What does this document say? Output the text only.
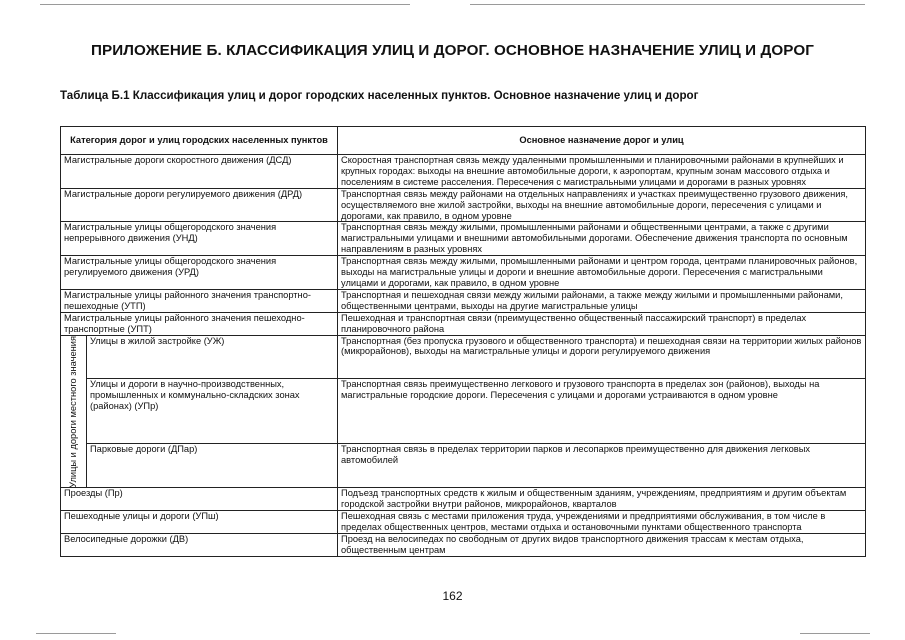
ПРИЛОЖЕНИЕ Б. КЛАССИФИКАЦИЯ УЛИЦ И ДОРОГ. ОСНОВНОЕ НАЗНАЧЕНИЕ УЛИЦ И ДОРОГ
Таблица Б.1 Классификация улиц и дорог городских населенных пунктов. Основное назначение улиц и дорог
Категория дорог и улиц городских населенных пунктов		Основное назначение дорог и улиц
Магистральные дороги скоростного движения (ДСД)		Скоростная транспортная связь между удаленными промышленными и планировочными районами в крупнейших и крупных городах: выходы на внешние автомобильные дороги, к аэропортам, крупным зонам массового отдыха и поселениям в системе расселения. Пересечения с магистральными улицами и дорогами в разных уровнях
Магистральные дороги регулируемого движения (ДРД)		Транспортная связь между районами на отдельных направлениях и участках преимущественно грузового движения, осуществляемого вне жилой застройки, выходы на внешние автомобильные дороги, пересечения с улицами и дорогами, как правило, в одном уровне
Магистральные улицы общегородского значения непрерывного движения (УНД)		Транспортная связь между жилыми, промышленными районами и общественными центрами, а также с другими магистральными улицами и внешними автомобильными дорогами. Обеспечение движения транспорта по основным направлениям в разных уровнях
Магистральные улицы общегородского значения регулируемого движения (УРД)		Транспортная связь между жилыми, промышленными районами и центром города, центрами планировочных районов, выходы на магистральные улицы и дороги и внешние автомобильные дороги. Пересечения с магистральными улицами и дорогами, как правило, в одном уровне
Магистральные улицы районного значения транспортно-пешеходные (УТП)		Транспортная и пешеходная связи между жилыми районами, а также между жилыми и промышленными районами, общественными центрами, выходы на другие магистральные улицы
Магистральные улицы районного значения пешеходно-транспортные (УПТ)		Пешеходная и транспортная связи (преимущественно общественный пассажирский транспорт) в пределах планировочного района

Улицы и дороги местного значения	Улицы в жилой застройке (УЖ)	Транспортная (без пропуска грузового и общественного транспорта) и пешеходная связи на территории жилых районов (микрорайонов), выходы на магистральные улицы и дороги регулируемого движения
	Улицы и дороги в научно-производственных, промышленных и коммунально-складских зонах (районах) (УПр)	Транспортная связь преимущественно легкового и грузового транспорта в пределах зон (районов), выходы на магистральные городские дороги. Пересечения с улицами и дорогами устраиваются в одном уровне
	Парковые дороги (ДПар)	Транспортная связь в пределах территории парков и лесопарков преимущественно для движения легковых автомобилей
Проезды (Пр)		Подъезд транспортных средств к жилым и общественным зданиям, учреждениям, предприятиям и другим объектам городской застройки внутри районов, микрорайонов, кварталов
Пешеходные улицы и дороги (УПш)		Пешеходная связь с местами приложения труда, учреждениями и предприятиями обслуживания, в том числе в пределах общественных центров, местами отдыха и остановочными пунктами общественного транспорта
Велосипедные дорожки (ДВ)		Проезд на велосипедах по свободным от других видов транспортного движения трассам к местам отдыха, общественным центрам
162
